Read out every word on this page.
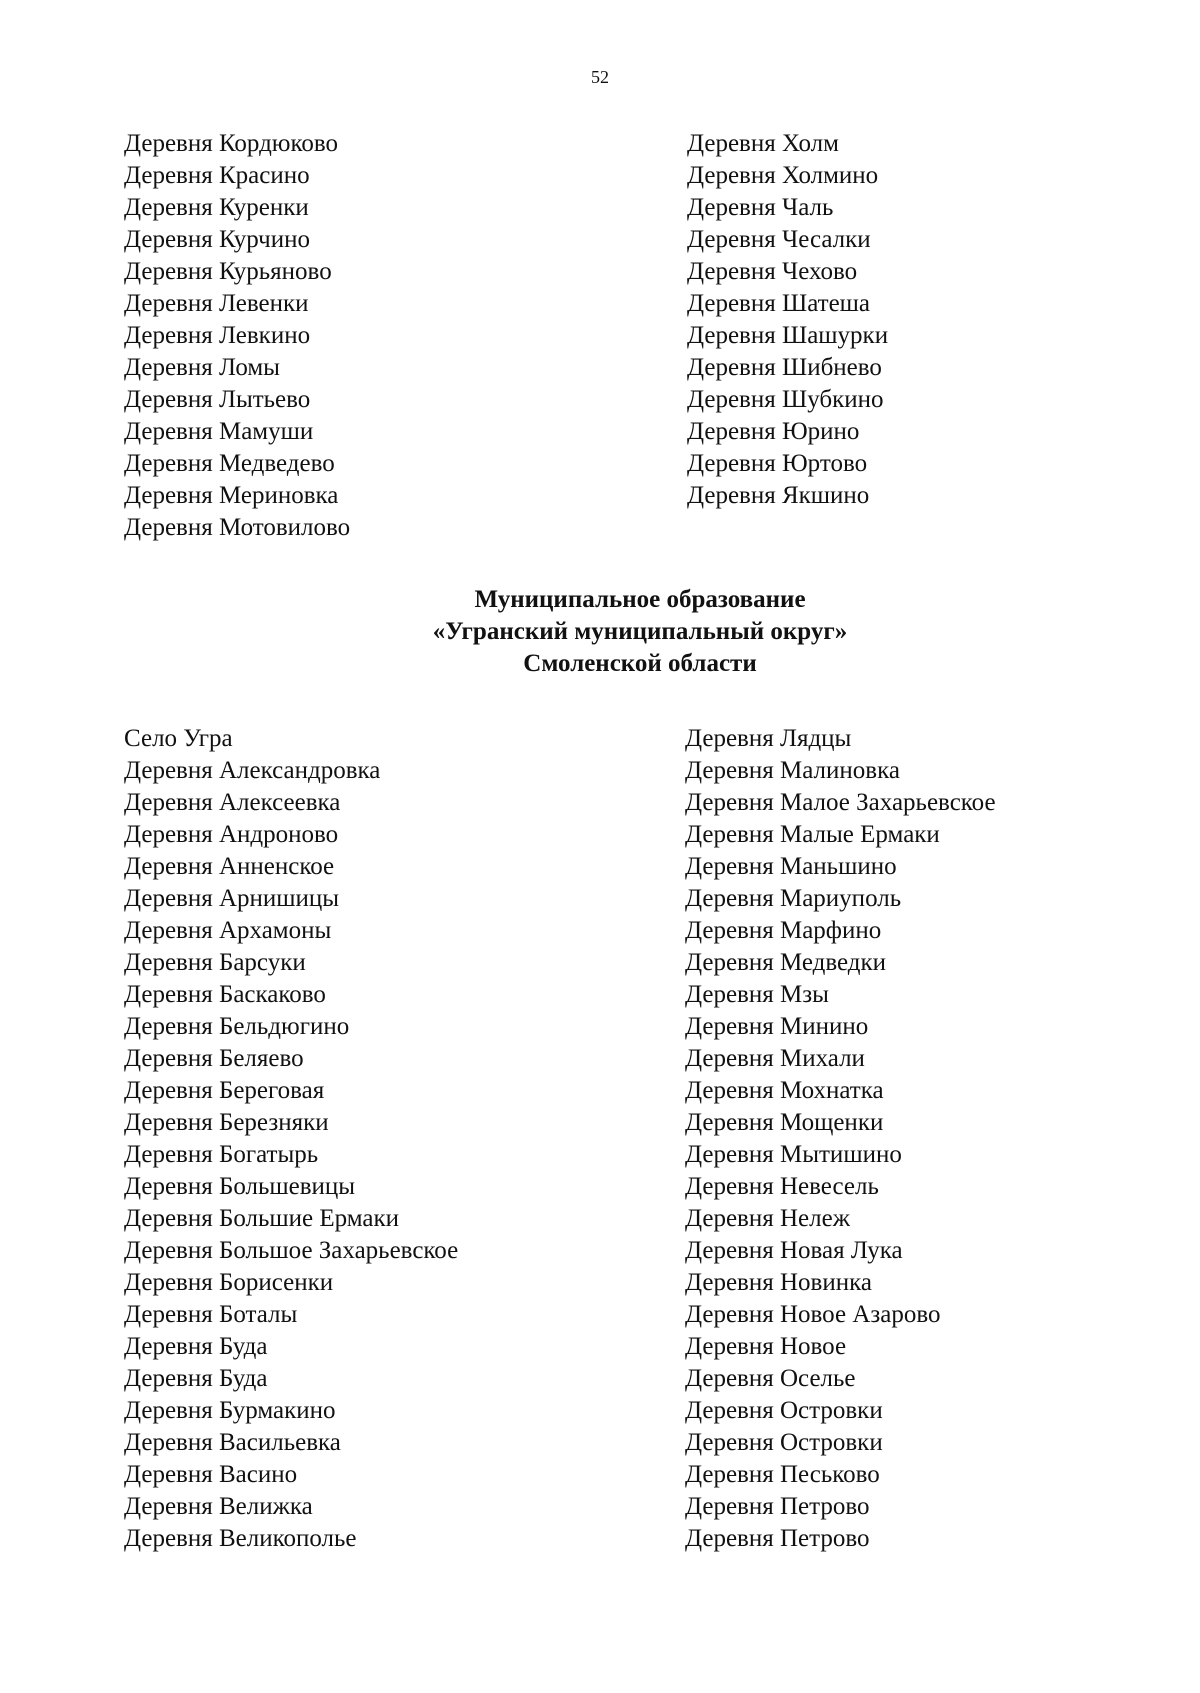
52
Деревня Кордюково
Деревня Красино
Деревня Куренки
Деревня Курчино
Деревня Курьяново
Деревня Левенки
Деревня Левкино
Деревня Ломы
Деревня Лытьево
Деревня Мамуши
Деревня Медведево
Деревня Мериновка
Деревня Мотовилово
Деревня Холм
Деревня Холмино
Деревня Чаль
Деревня Чесалки
Деревня Чехово
Деревня Шатеша
Деревня Шашурки
Деревня Шибнево
Деревня Шубкино
Деревня Юрино
Деревня Юртово
Деревня Якшино
Муниципальное образование
«Угранский муниципальный округ»
Смоленской области
Село Угра
Деревня Александровка
Деревня Алексеевка
Деревня Андроново
Деревня Анненское
Деревня Арнишицы
Деревня Архамоны
Деревня Барсуки
Деревня Баскаково
Деревня Бельдюгино
Деревня Беляево
Деревня Береговая
Деревня Березняки
Деревня Богатырь
Деревня Большевицы
Деревня Большие Ермаки
Деревня Большое Захарьевское
Деревня Борисенки
Деревня Боталы
Деревня Буда
Деревня Буда
Деревня Бурмакино
Деревня Васильевка
Деревня Васино
Деревня Велижка
Деревня Великополье
Деревня Лядцы
Деревня Малиновка
Деревня Малое Захарьевское
Деревня Малые Ермаки
Деревня Маньшино
Деревня Мариуполь
Деревня Марфино
Деревня Медведки
Деревня Мзы
Деревня Минино
Деревня Михали
Деревня Мохнатка
Деревня Мощенки
Деревня Мытишино
Деревня Невесель
Деревня Нележ
Деревня Новая Лука
Деревня Новинка
Деревня Новое Азарово
Деревня Новое
Деревня Оселье
Деревня Островки
Деревня Островки
Деревня Песьково
Деревня Петрово
Деревня Петрово
